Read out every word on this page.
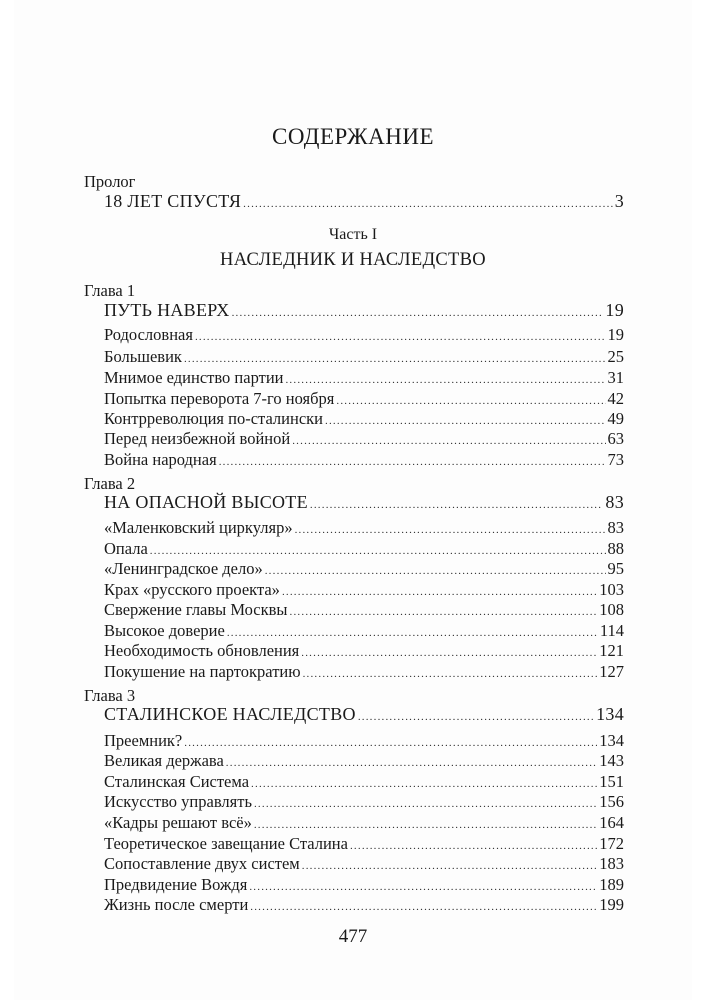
СОДЕРЖАНИЕ
Пролог
18 ЛЕТ СПУСТЯ .....	3
Часть I
НАСЛЕДНИК И НАСЛЕДСТВО
Глава 1
ПУТЬ НАВЕРХ .....	19
Родословная .....	19
Большевик .....	25
Мнимое единство партии .....	31
Попытка переворота 7-го ноября .....	42
Контрреволюция по-сталински .....	49
Перед неизбежной войной .....	63
Война народная .....	73
Глава 2
НА ОПАСНОЙ ВЫСОТЕ .....	83
«Маленковский циркуляр» .....	83
Опала .....	88
«Ленинградское дело» .....	95
Крах «русского проекта» .....	103
Свержение главы Москвы .....	108
Высокое доверие .....	114
Необходимость обновления .....	121
Покушение на партократию .....	127
Глава 3
СТАЛИНСКОЕ НАСЛЕДСТВО .....	134
Преемник? .....	134
Великая держава .....	143
Сталинская Система .....	151
Искусство управлять .....	156
«Кадры решают всё» .....	164
Теоретическое завещание Сталина .....	172
Сопоставление двух систем .....	183
Предвидение Вождя .....	189
Жизнь после смерти .....	199
477
